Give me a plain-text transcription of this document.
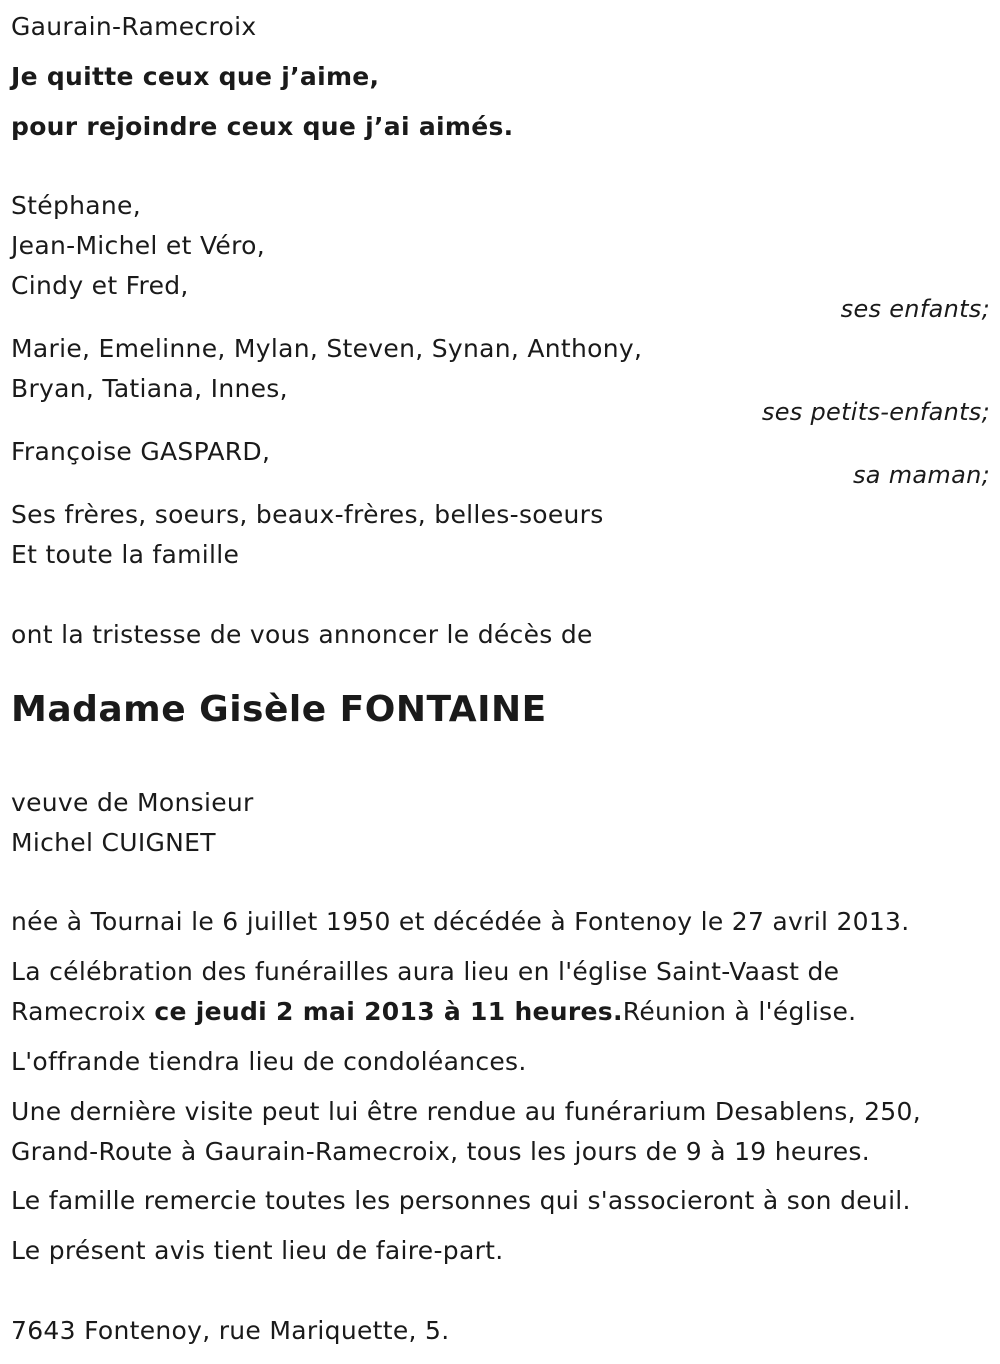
Gaurain-Ramecroix
Je quitte ceux que j’aime,
pour rejoindre ceux que j’ai aimés.
Stéphane,
Jean-Michel et Véro,
Cindy et Fred,
ses enfants;
Marie, Emelinne, Mylan, Steven, Synan, Anthony,
Bryan, Tatiana, Innes,
ses petits-enfants;
Françoise GASPARD,
sa maman;
Ses frères, soeurs, beaux-frères, belles-soeurs
Et toute la famille
ont la tristesse de vous annoncer le décès de
Madame Gisèle FONTAINE
veuve de Monsieur
Michel CUIGNET
née à Tournai le 6 juillet 1950 et décédée à Fontenoy le 27 avril 2013.
La célébration des funérailles aura lieu en l'église Saint-Vaast de
Ramecroix ce jeudi 2 mai 2013 à 11 heures.Réunion à l'église.
L'offrande tiendra lieu de condoléances.
Une dernière visite peut lui être rendue au funérarium Desablens, 250,
Grand-Route à Gaurain-Ramecroix, tous les jours de 9 à 19 heures.
Le famille remercie toutes les personnes qui s'associeront à son deuil.
Le présent avis tient lieu de faire-part.
7643 Fontenoy, rue Mariquette, 5.
